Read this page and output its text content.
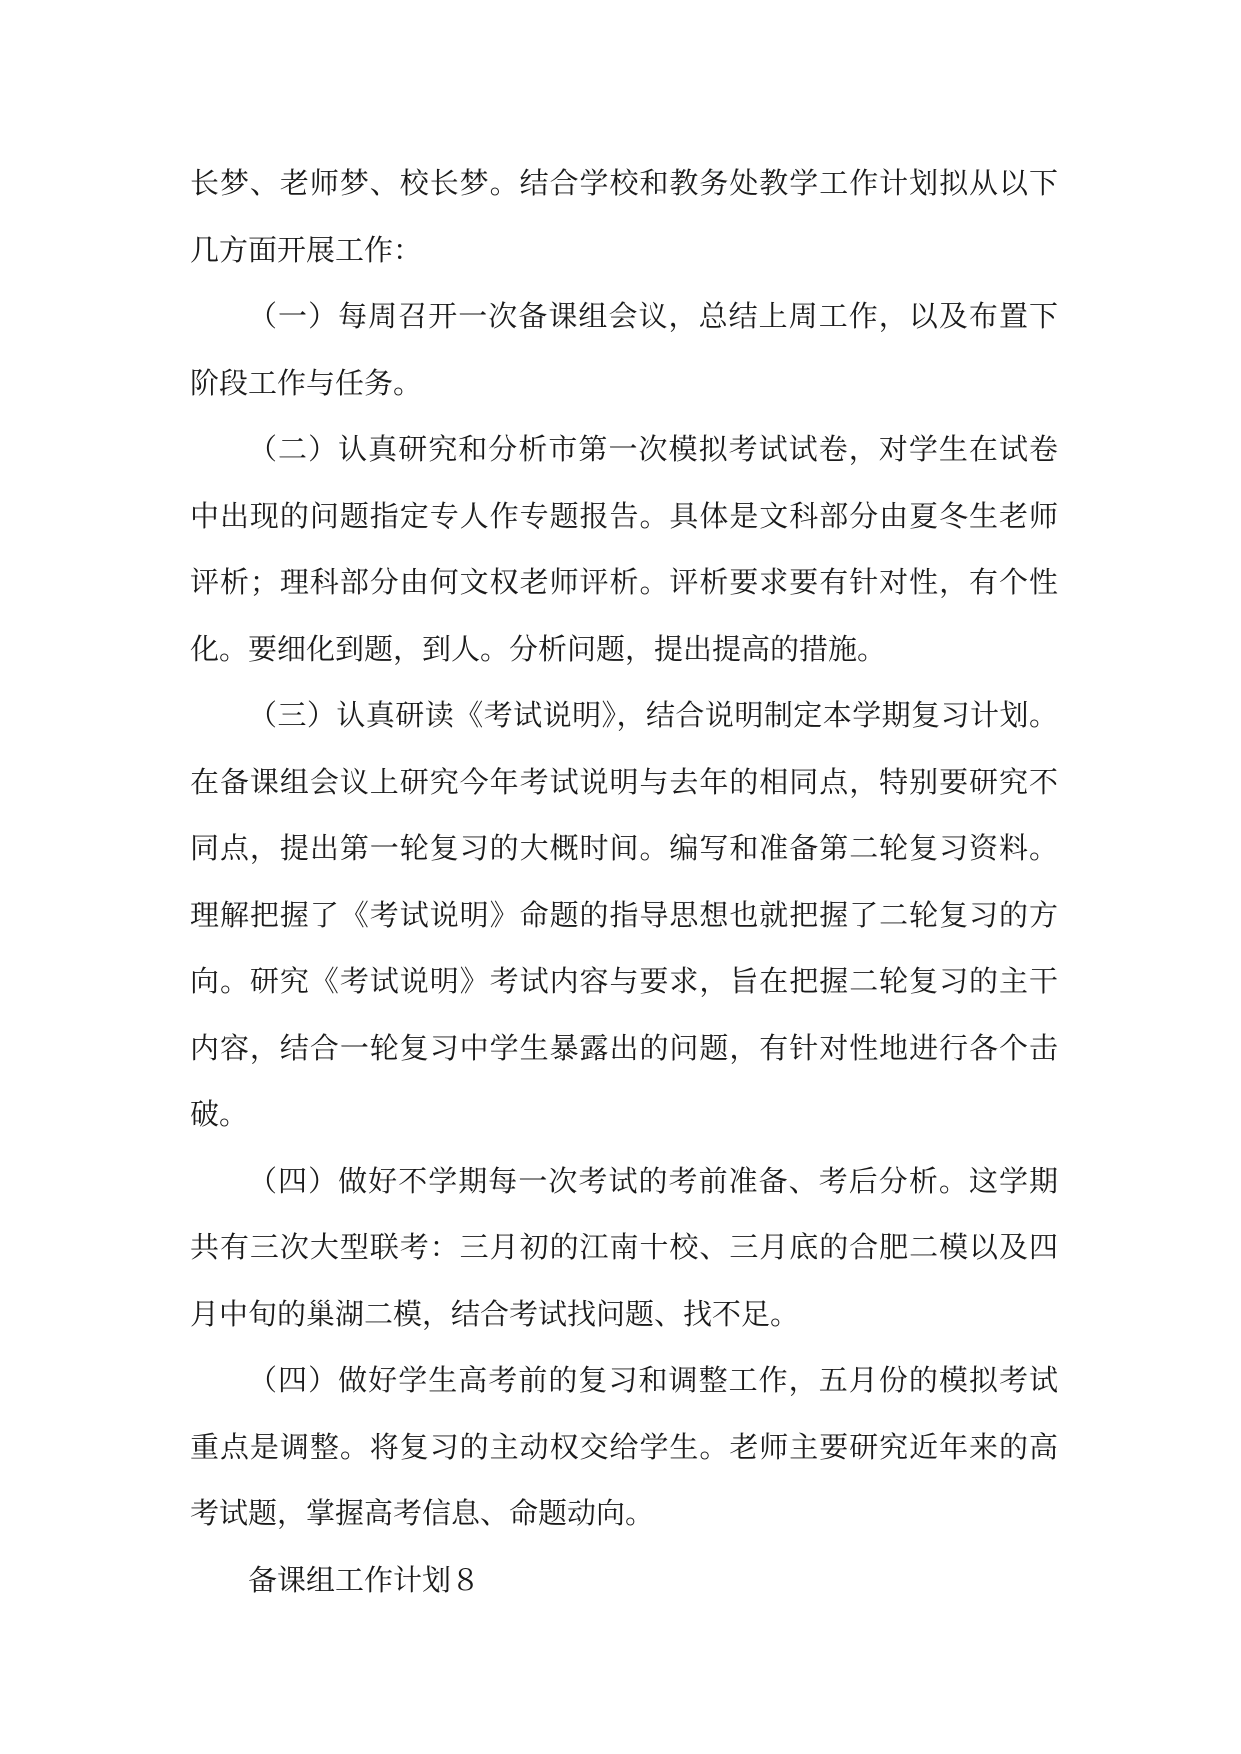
长梦、老师梦、校长梦。结合学校和教务处教学工作计划拟从以下几方面开展工作：

（一）每周召开一次备课组会议，总结上周工作，以及布置下阶段工作与任务。

（二）认真研究和分析市第一次模拟考试试卷，对学生在试卷中出现的问题指定专人作专题报告。具体是文科部分由夏冬生老师评析；理科部分由何文权老师评析。评析要求要有针对性，有个性化。要细化到题，到人。分析问题，提出提高的措施。

（三）认真研读《考试说明》，结合说明制定本学期复习计划。在备课组会议上研究今年考试说明与去年的相同点，特别要研究不同点，提出第一轮复习的大概时间。编写和准备第二轮复习资料。理解把握了《考试说明》命题的指导思想也就把握了二轮复习的方向。研究《考试说明》考试内容与要求，旨在把握二轮复习的主干内容，结合一轮复习中学生暴露出的问题，有针对性地进行各个击破。

（四）做好不学期每一次考试的考前准备、考后分析。这学期共有三次大型联考：三月初的江南十校、三月底的合肥二模以及四月中旬的巢湖二模，结合考试找问题、找不足。

（四）做好学生高考前的复习和调整工作，五月份的模拟考试重点是调整。将复习的主动权交给学生。老师主要研究近年来的高考试题，掌握高考信息、命题动向。

备课组工作计划８
